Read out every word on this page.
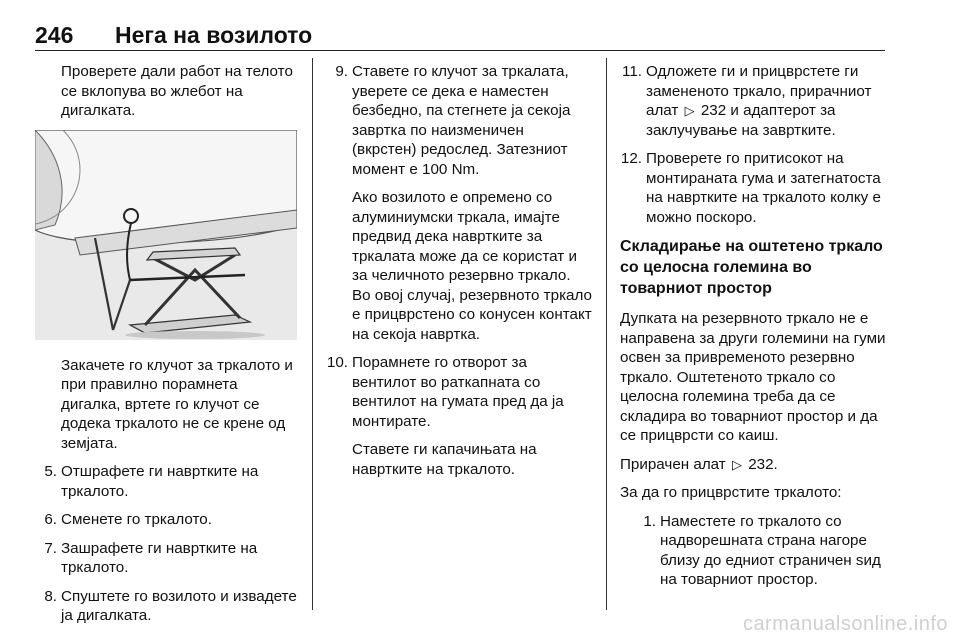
246 Нега на возилото

Проверете дали работ на телото се вклопува во жлебот на дигалката.

Закачете го клучот за тркалото и при правилно порамнета дигалка, вртете го клучот се додека тркалото не се крене од земјата.

5. Отшрафете ги навртките на тркалото.
6. Сменете го тркалото.
7. Зашрафете ги навртките на тркалото.
8. Спуштете го возилото и извадете ја дигалката.
9. Ставете го клучот за тркалата, уверете се дека е наместен безбедно, па стегнете ја секоја завртка по наизменичен (вкрстен) редослед. Затезниот момент е 100 Nm.

Ако возилото е опремено со алуминиумски тркала, имајте предвид дека навртките за тркалата може да се користат и за челичното резервно тркало. Во овој случај, резервното тркало е прицврстено со конусен контакт на секоја навртка.

10. Порамнете го отворот за вентилот во раткапната со вентилот на гумата пред да ја монтирате.

Ставете ги капачињата на навртките на тркалото.

11. Одложете ги и прицврстете ги замененото тркало, прирачниот алат ▷ 232 и адаптерот за заклучување на завртките.
12. Проверете го притисокот на монтираната гума и затегнатоста на навртките на тркалото колку е можно поскоро.
Складирање на оштетено тркало со целосна големина во товарниот простор

Дупката на резервното тркало не е направена за други големини на гуми освен за привременото резервно тркало. Оштетеното тркало со целосна големина треба да се складира во товарниот простор и да се прицврсти со каиш.

Прирачен алат ▷ 232.

За да го прицврстите тркалото:

1. Наместете го тркалото со надворешната страна нагоре близу до едниот страничен ѕид на товарниот простор.
carmanualsonline.info
